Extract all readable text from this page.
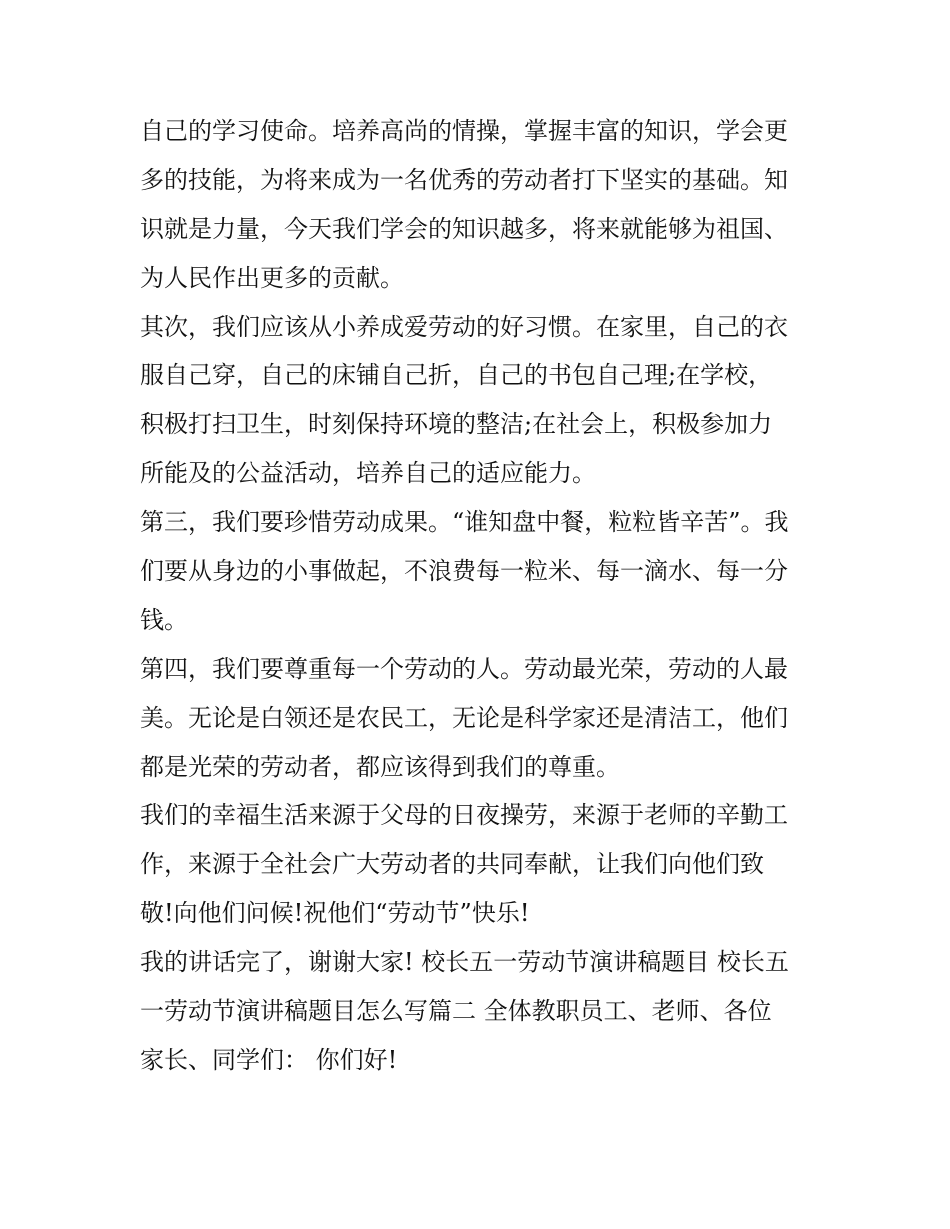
自己的学习使命。培养高尚的情操，掌握丰富的知识，学会更
多的技能，为将来成为一名优秀的劳动者打下坚实的基础。知
识就是力量，今天我们学会的知识越多，将来就能够为祖国、
为人民作出更多的贡献。
其次，我们应该从小养成爱劳动的好习惯。在家里，自己的衣
服自己穿，自己的床铺自己折，自己的书包自己理;在学校，
积极打扫卫生，时刻保持环境的整洁;在社会上，积极参加力
所能及的公益活动，培养自己的适应能力。
第三，我们要珍惜劳动成果。“谁知盘中餐，粒粒皆辛苦”。我
们要从身边的小事做起，不浪费每一粒米、每一滴水、每一分
钱。
第四，我们要尊重每一个劳动的人。劳动最光荣，劳动的人最
美。无论是白领还是农民工，无论是科学家还是清洁工，他们
都是光荣的劳动者，都应该得到我们的尊重。
我们的幸福生活来源于父母的日夜操劳，来源于老师的辛勤工
作，来源于全社会广大劳动者的共同奉献，让我们向他们致
敬!向他们问候!祝他们“劳动节”快乐!
我的讲话完了，谢谢大家! 校长五一劳动节演讲稿题目 校长五
一劳动节演讲稿题目怎么写篇二 全体教职员工、老师、各位
家长、同学们： 你们好!
